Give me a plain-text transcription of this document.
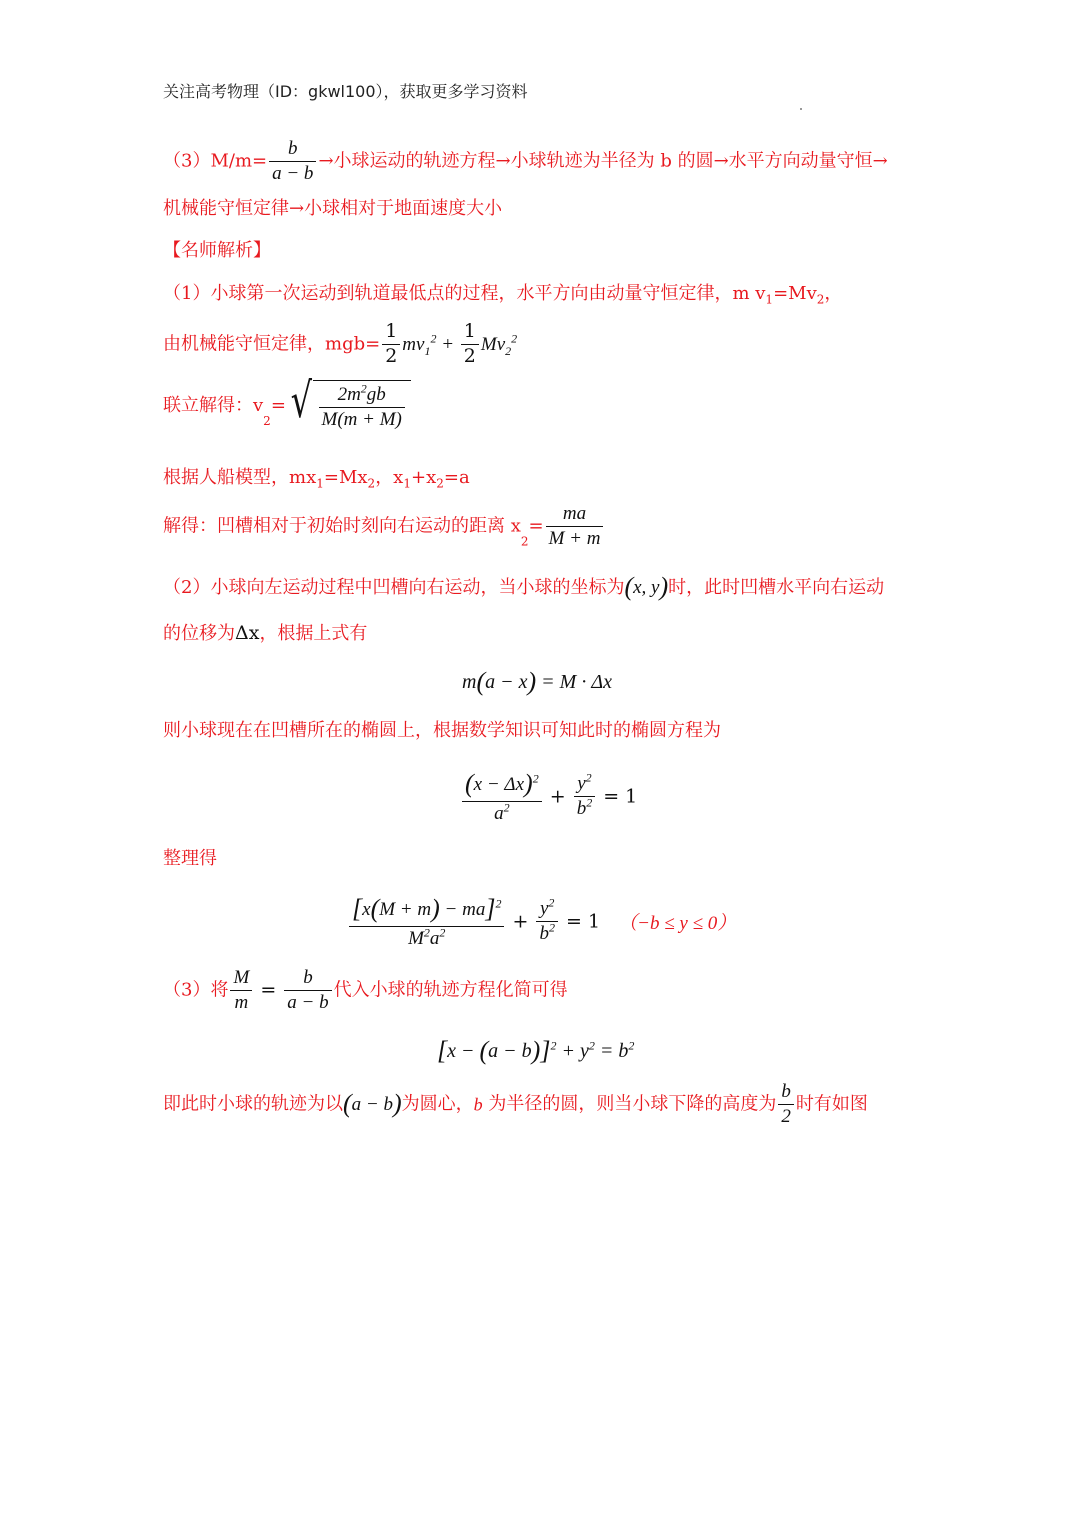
关注高考物理（ID：gkwl100），获取更多学习资料
$(3)M/m= \frac{b}{a - b}$ →小球运动的轨迹方程→小球轨迹为半径为 b 的圆→水平方向动量守恒→
机械能守恒定律→小球相对于地面速度大小
【名师解析】
（1）小球第一次运动到轨道最低点的过程，水平方向由动量守恒定律，m $v_1=Mv_2$，
由机械能守恒定律，$mgb= \frac{1}{2} mv_1^2 + \frac{1}{2} Mv_2^2$
联立解得：$v_2=$ √ $\frac{2m^2gb}{M(m + M)}$
根据人船模型，$mx_1=Mx_2$，$x_1+x_2=a$
解得：凹槽相对于初始时刻向右运动的距离 $x_2= \frac{ma}{M + m}$
（2）小球向左运动过程中凹槽向右运动，当小球的坐标为(x, y)时，此时凹槽水平向右运动
的位移为Δx，根据上式有
m(a − x) = M · Δx
则小球现在在凹槽所在的椭圆上，根据数学知识可知此时的椭圆方程为
$\frac{(x - \Delta x)^2}{a^2} + \frac{y^2}{b^2} = 1$
整理得
$\frac{[x(M + m) - ma]^2}{M^2a^2} + \frac{y^2}{b^2} = 1$   （−b ≤ y ≤ 0）
（3）将 $\frac{M}{m} = \frac{b}{a - b}$ 代入小球的轨迹方程化简可得
$[x - (a - b)]^2 + y^2 = b^2$
即此时小球的轨迹为以(a − b)为圆心，b 为半径的圆，则当小球下降的高度为 $\frac{b}{2}$ 时有如图
